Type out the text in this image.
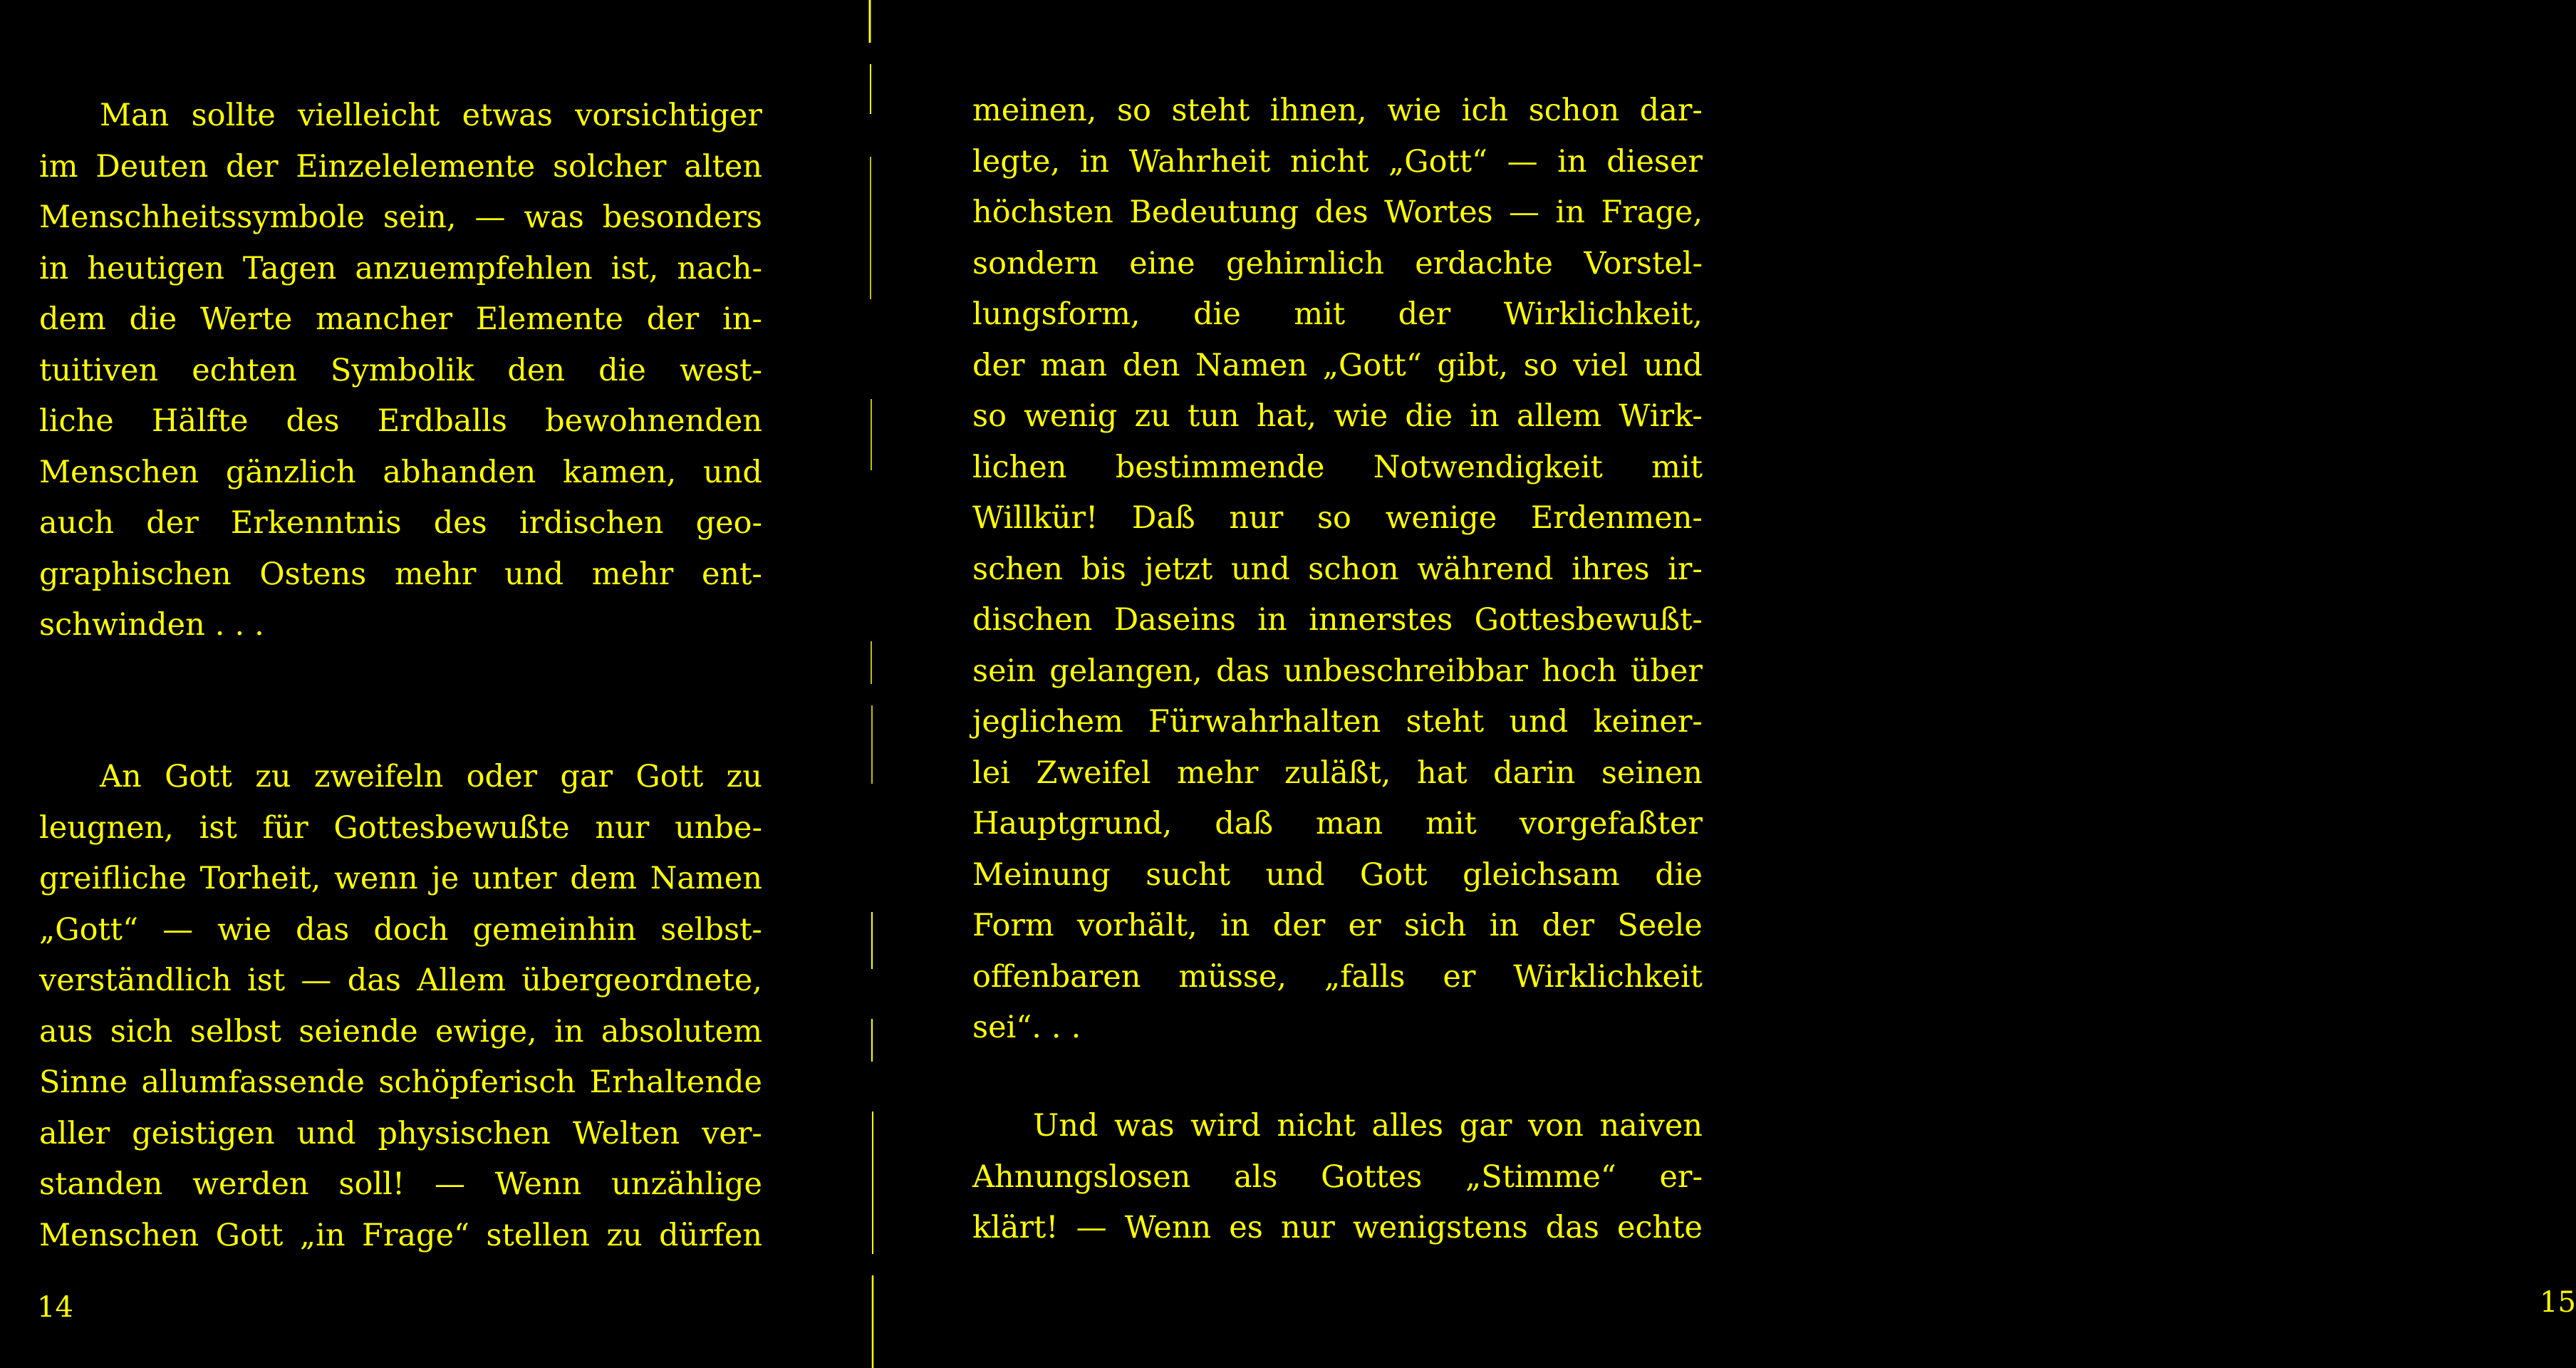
Man sollte vielleicht etwas vorsichtiger
im Deuten der Einzelelemente solcher alten
Menschheitssymbole sein, — was besonders
in heutigen Tagen anzuempfehlen ist, nach-
dem die Werte mancher Elemente der in-
tuitiven echten Symbolik den die west-
liche Hälfte des Erdballs bewohnenden
Menschen gänzlich abhanden kamen, und
auch der Erkenntnis des irdischen geo-
graphischen Ostens mehr und mehr ent-
schwinden . . .

An Gott zu zweifeln oder gar Gott zu
leugnen, ist für Gottesbewußte nur unbe-
greifliche Torheit, wenn je unter dem Namen
„Gott“ — wie das doch gemeinhin selbst-
verständlich ist — das Allem übergeordnete,
aus sich selbst seiende ewige, in absolutem
Sinne allumfassende schöpferisch Erhaltende
aller geistigen und physischen Welten ver-
standen werden soll! — Wenn unzählige
Menschen Gott „in Frage“ stellen zu dürfen

14

meinen, so steht ihnen, wie ich schon dar-
legte, in Wahrheit nicht „Gott“ — in dieser
höchsten Bedeutung des Wortes — in Frage,
sondern eine gehirnlich erdachte Vorstel-
lungsform, die mit der Wirklichkeit,
der man den Namen „Gott“ gibt, so viel und
so wenig zu tun hat, wie die in allem Wirk-
lichen bestimmende Notwendigkeit mit
Willkür! Daß nur so wenige Erdenmen-
schen bis jetzt und schon während ihres ir-
dischen Daseins in innerstes Gottesbewußt-
sein gelangen, das unbeschreibbar hoch über
jeglichem Fürwahrhalten steht und keiner-
lei Zweifel mehr zuläßt, hat darin seinen
Hauptgrund, daß man mit vorgefaßter
Meinung sucht und Gott gleichsam die
Form vorhält, in der er sich in der Seele
offenbaren müsse, „falls er Wirklichkeit
sei“. . .

Und was wird nicht alles gar von naiven
Ahnungslosen als Gottes „Stimme“ er-
klärt! — Wenn es nur wenigstens das echte

15
